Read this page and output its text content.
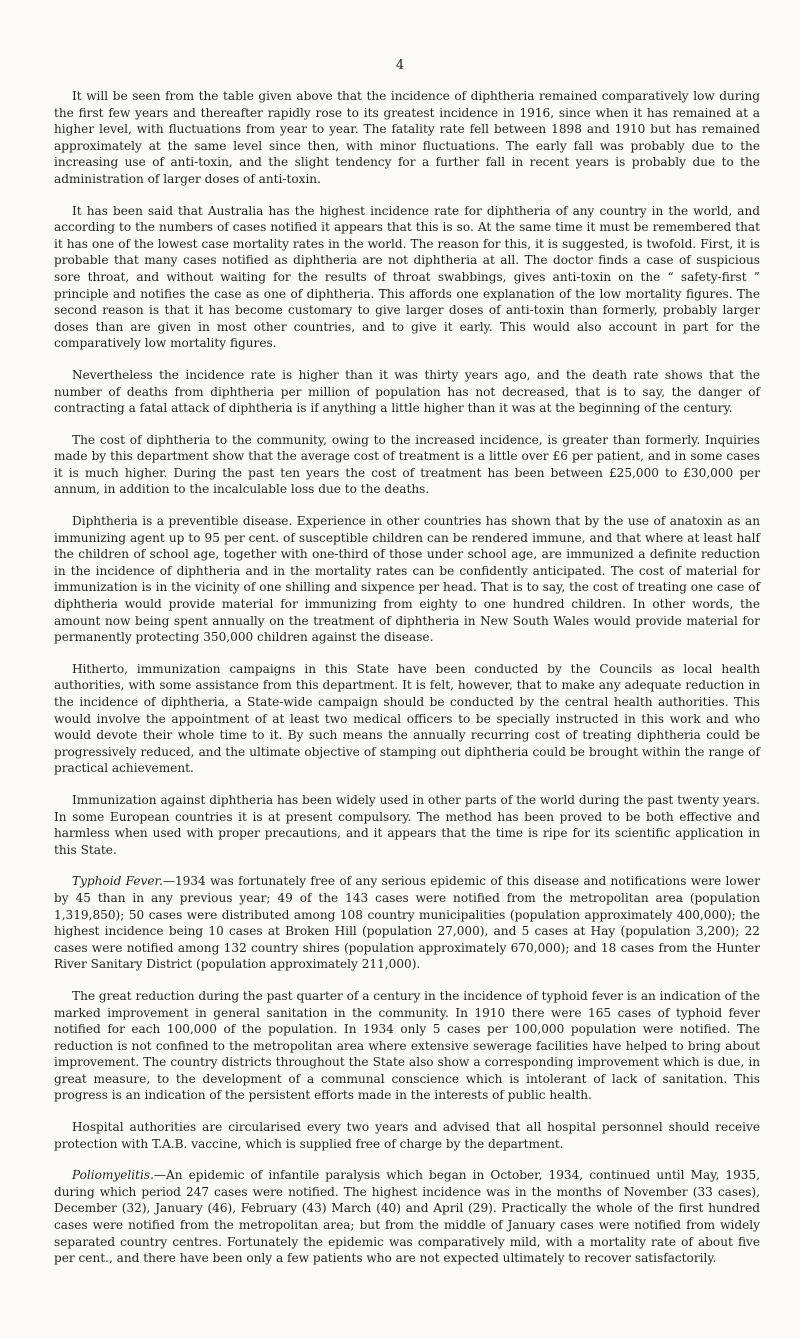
4

It will be seen from the table given above that the incidence of diphtheria remained comparatively low during the first few years and thereafter rapidly rose to its greatest incidence in 1916, since when it has remained at a higher level, with fluctuations from year to year. The fatality rate fell between 1898 and 1910 but has remained approximately at the same level since then, with minor fluctuations. The early fall was probably due to the increasing use of anti-toxin, and the slight tendency for a further fall in recent years is probably due to the administration of larger doses of anti-toxin.

It has been said that Australia has the highest incidence rate for diphtheria of any country in the world, and according to the numbers of cases notified it appears that this is so. At the same time it must be remembered that it has one of the lowest case mortality rates in the world. The reason for this, it is suggested, is twofold. First, it is probable that many cases notified as diphtheria are not diphtheria at all. The doctor finds a case of suspicious sore throat, and without waiting for the results of throat swabbings, gives anti-toxin on the “ safety-first ” principle and notifies the case as one of diphtheria. This affords one explanation of the low mortality figures. The second reason is that it has become customary to give larger doses of anti-toxin than formerly, probably larger doses than are given in most other countries, and to give it early. This would also account in part for the comparatively low mortality figures.

Nevertheless the incidence rate is higher than it was thirty years ago, and the death rate shows that the number of deaths from diphtheria per million of population has not decreased, that is to say, the danger of contracting a fatal attack of diphtheria is if anything a little higher than it was at the beginning of the century.

The cost of diphtheria to the community, owing to the increased incidence, is greater than formerly. Inquiries made by this department show that the average cost of treatment is a little over £6 per patient, and in some cases it is much higher. During the past ten years the cost of treatment has been between £25,000 to £30,000 per annum, in addition to the incalculable loss due to the deaths.

Diphtheria is a preventible disease. Experience in other countries has shown that by the use of anatoxin as an immunizing agent up to 95 per cent. of susceptible children can be rendered immune, and that where at least half the children of school age, together with one-third of those under school age, are immunized a definite reduction in the incidence of diphtheria and in the mortality rates can be confidently anticipated. The cost of material for immunization is in the vicinity of one shilling and sixpence per head. That is to say, the cost of treating one case of diphtheria would provide material for immunizing from eighty to one hundred children. In other words, the amount now being spent annually on the treatment of diphtheria in New South Wales would provide material for permanently protecting 350,000 children against the disease.

Hitherto, immunization campaigns in this State have been conducted by the Councils as local health authorities, with some assistance from this department. It is felt, however, that to make any adequate reduction in the incidence of diphtheria, a State-wide campaign should be conducted by the central health authorities. This would involve the appointment of at least two medical officers to be specially instructed in this work and who would devote their whole time to it. By such means the annually recurring cost of treating diphtheria could be progressively reduced, and the ultimate objective of stamping out diphtheria could be brought within the range of practical achievement.

Immunization against diphtheria has been widely used in other parts of the world during the past twenty years. In some European countries it is at present compulsory. The method has been proved to be both effective and harmless when used with proper precautions, and it appears that the time is ripe for its scientific application in this State.

Typhoid Fever.—1934 was fortunately free of any serious epidemic of this disease and notifications were lower by 45 than in any previous year; 49 of the 143 cases were notified from the metropolitan area (population 1,319,850); 50 cases were distributed among 108 country municipalities (population approximately 400,000); the highest incidence being 10 cases at Broken Hill (population 27,000), and 5 cases at Hay (population 3,200); 22 cases were notified among 132 country shires (population approximately 670,000); and 18 cases from the Hunter River Sanitary District (population approximately 211,000).

The great reduction during the past quarter of a century in the incidence of typhoid fever is an indication of the marked improvement in general sanitation in the community. In 1910 there were 165 cases of typhoid fever notified for each 100,000 of the population. In 1934 only 5 cases per 100,000 population were notified. The reduction is not confined to the metropolitan area where extensive sewerage facilities have helped to bring about improvement. The country districts throughout the State also show a corresponding improvement which is due, in great measure, to the development of a communal conscience which is intolerant of lack of sanitation. This progress is an indication of the persistent efforts made in the interests of public health.

Hospital authorities are circularised every two years and advised that all hospital personnel should receive protection with T.A.B. vaccine, which is supplied free of charge by the department.

Poliomyelitis.—An epidemic of infantile paralysis which began in October, 1934, continued until May, 1935, during which period 247 cases were notified. The highest incidence was in the months of November (33 cases), December (32), January (46), February (43) March (40) and April (29). Practically the whole of the first hundred cases were notified from the metropolitan area; but from the middle of January cases were notified from widely separated country centres. Fortunately the epidemic was comparatively mild, with a mortality rate of about five per cent., and there have been only a few patients who are not expected ultimately to recover satisfactorily.
